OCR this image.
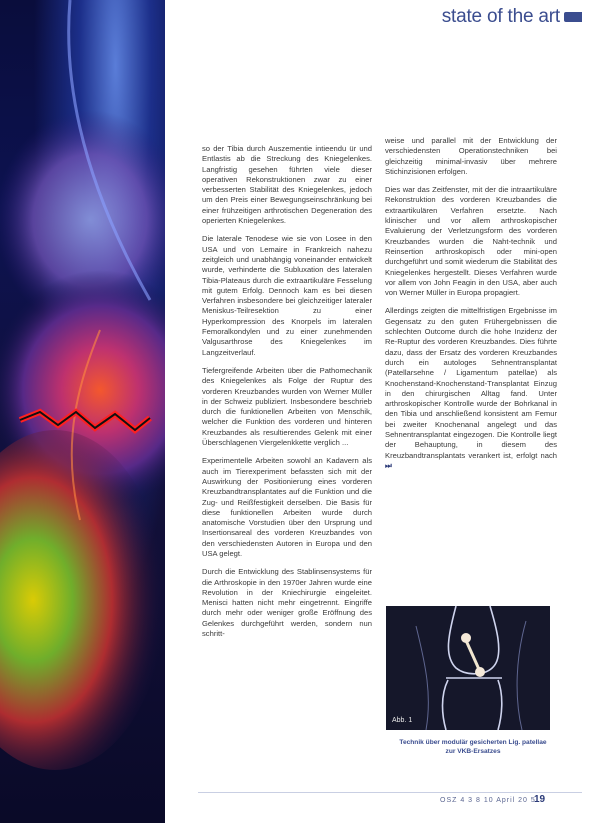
state of the art

so der Tibia durch Auszementie intieendu ür und Entlastis ab die Streckung des Kniegelenkes. Langfristig gesehen führten viele dieser operativen Rekonstruktionen zwar zu einer verbesserten Stabilität des Kniegelenkes, jedoch um den Preis einer Bewegungseinschränkung bei einer frühzeitigen arthrotischen Degeneration des operierten Kniegelenkes.

Die laterale Tenodese wie sie von Losee in den USA und von Lemaire in Frankreich nahezu zeitgleich und unabhängig voneinander entwickelt wurde, verhinderte die Subluxation des lateralen Tibia-Plateaus durch die extraartikuläre Fesselung mit gutem Erfolg. Dennoch kam es bei diesen Verfahren insbesondere bei gleichzeitiger lateraler Meniskus-Teilresektion zu einer Hyperkompression des Knorpels im lateralen Femoralkondylen und zu einer zunehmenden Valgusarthrose des Kniegelenkes im Langzeitverlauf.

Tiefergreifende Arbeiten über die Pathomechanik des Kniegelenkes als Folge der Ruptur des vorderen Kreuzbandes wurden von Werner Müller in der Schweiz publiziert. Insbesondere beschrieb durch die funktionellen Arbeiten von Menschik, welcher die Funktion des vorderen und hinteren Kreuzbandes als resultierendes Gelenk mit einer Überschlagenen Viergelenkkette verglich ...

Experimentelle Arbeiten sowohl an Kadavern als auch im Tierexperiment befassten sich mit der Auswirkung der Positionierung eines vorderen Kreuzbandtransplantates auf die Funktion und die Zug- und Reißfestigkeit derselben. Die Basis für diese funktionellen Arbeiten wurde durch anatomische Vorstudien über den Ursprung und Insertionsareal des vorderen Kreuzbandes von den verschiedensten Autoren in Europa und den USA gelegt.

Durch die Entwicklung des Stablinsensystems für die Arthroskopie in den 1970er Jahren wurde eine Revolution in der Kniechirurgie eingeleitet. Menisci hatten nicht mehr eingetrennt. Eingriffe durch mehr oder weniger große Eröffnung des Gelenkes durchgeführt werden, sondern nun schritt-

weise und parallel mit der Entwicklung der verschiedensten Operationstechniken bei gleichzeitig minimal-invasiv über mehrere Stichinzisionen erfolgen.

Dies war das Zeitfenster, mit der die intraartikuläre Rekonstruktion des vorderen Kreuzbandes die extraartikulären Verfahren ersetzte. Nach klinischer und vor allem arthroskopischer Evaluierung der Verletzungsform des vorderen Kreuzbandes wurden die Naht-technik und Reinsertion arthroskopisch oder mini-open durchgeführt und somit wiederum die Stabilität des Kniegelenkes hergestellt. Dieses Verfahren wurde vor allem von John Feagin in den USA, aber auch von Werner Müller in Europa propagiert.

Allerdings zeigten die mittelfristigen Ergebnisse im Gegensatz zu den guten Frühergebnissen die schlechten Outcome durch die hohe Inzidenz der Re-Ruptur des vorderen Kreuzbandes. Dies führte dazu, dass der Ersatz des vorderen Kreuzbandes durch ein autologes Sehnentransplantat (Patellarsehne / Ligamentum patellae) als Knochenstand-Knochenstand-Transplantat Einzug in den chirurgischen Alltag fand. Unter arthroskopischer Kontrolle wurde der Bohrkanal in den Tibia und anschließend konsistent am Femur bei zweiter Knochenanal angelegt und das Sehnentransplantat eingezogen. Die Kontrolle liegt der Behauptung, in diesem des Kreuzbandtransplantats verankert ist, erfolgt nach ⏭

Abb. 1
Technik über modulär gesicherten Lig. patellae zur VKB-Ersatzes
OSZ 4 3 8 10 April 20 5
19
